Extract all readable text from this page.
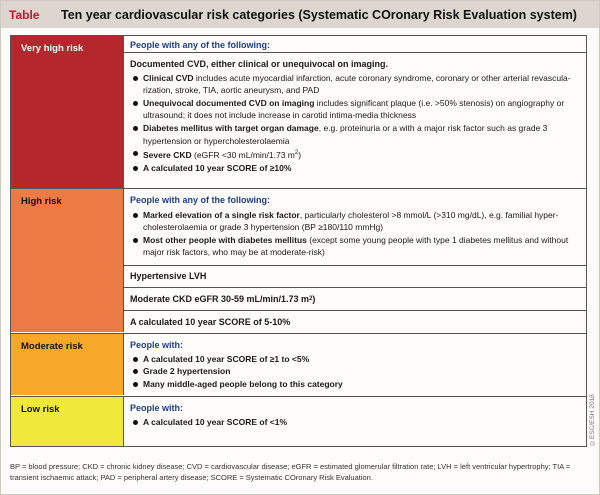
Table	Ten year cardiovascular risk categories (Systematic COronary Risk Evaluation system)
Very high risk	People with any of the following:
Documented CVD, either clinical or unequivocal on imaging.
Clinical CVD includes acute myocardial infarction, acute coronary syndrome, coronary or other arterial revascularization, stroke, TIA, aortic aneurysm, and PAD
Unequivocal documented CVD on imaging includes significant plaque (i.e. >50% stenosis) on angiography or ultrasound; it does not include increase in carotid intima-media thickness
Diabetes mellitus with target organ damage, e.g. proteinuria or a with a major risk factor such as grade 3 hypertension or hypercholesterolaemia
Severe CKD (eGFR <30 mL/min/1.73 $m^2$)
A calculated 10 year SCORE of ≥10%
High risk	People with any of the following:
Marked elevation of a single risk factor, particularly cholesterol >8 mmol/L (>310 mg/dL), e.g. familial hypercholesterolaemia or grade 3 hypertension (BP ≥180/110 mmHg)
Most other people with diabetes mellitus (except some young people with type 1 diabetes mellitus and without major risk factors, who may be at moderate-risk)
Hypertensive LVH
Moderate CKD eGFR 30-59 mL/min/1.73 m 2 )
A calculated 10 year SCORE of 5-10%
Moderate risk	People with:
A calculated 10 year SCORE of ≥1 to <5%
Grade 2 hypertension
Many middle-aged people belong to this category
Low risk	People with:
A calculated 10 year SCORE of <1%	©ESC/ESH 2018
BP = blood pressure; CKD = chronic kidney disease; CVD = cardiovascular disease; eGFR = estimated glomerular filtration rate; LVH = left ventricular hypertrophy; TIA = transient ischaemic attack; PAD = peripheral artery disease; SCORE = Systematic COronary Risk Evaluation.
